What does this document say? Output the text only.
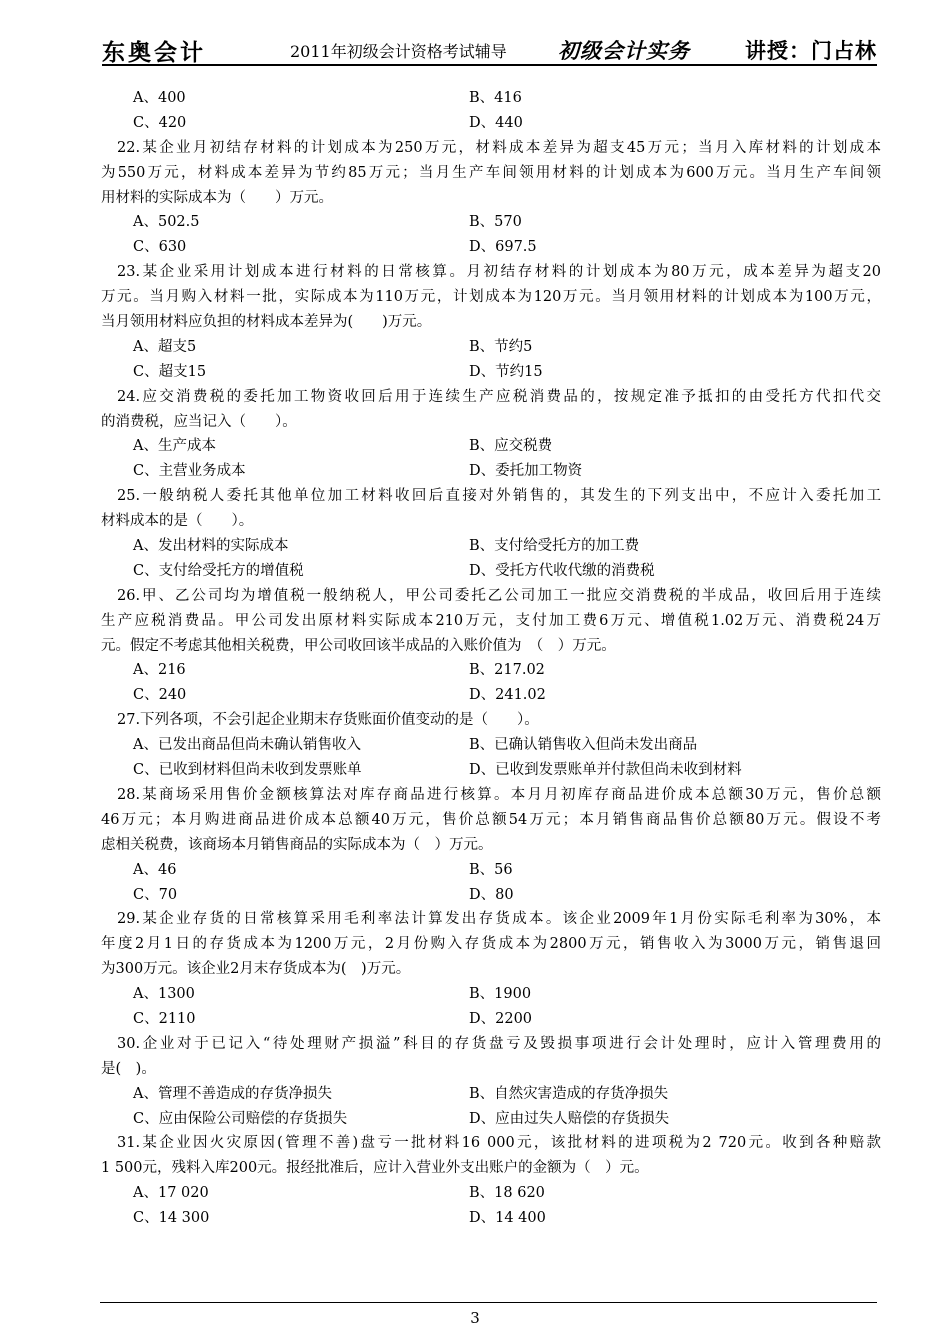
东奥会计	2011年初级会计资格考试辅导 初级会计实务	讲授：门占林
A、400	B、416
C、420	D、440
22.某企业月初结存材料的计划成本为250万元，材料成本差异为超支45万元；当月入库材料的计划成本
为550万元，材料成本差异为节约85万元；当月生产车间领用材料的计划成本为600万元。当月生产车间领
用材料的实际成本为（　　）万元。
A、502.5	B、570
C、630	D、697.5
23.某企业采用计划成本进行材料的日常核算。月初结存材料的计划成本为80万元，成本差异为超支20
万元。当月购入材料一批，实际成本为110万元，计划成本为120万元。当月领用材料的计划成本为100万元，
当月领用材料应负担的材料成本差异为(　　)万元。
A、超支5	B、节约5
C、超支15	D、节约15
24.应交消费税的委托加工物资收回后用于连续生产应税消费品的，按规定准予抵扣的由受托方代扣代交
的消费税，应当记入（　　）。
A、生产成本	B、应交税费
C、主营业务成本	D、委托加工物资
25.一般纳税人委托其他单位加工材料收回后直接对外销售的，其发生的下列支出中，不应计入委托加工
材料成本的是（　　）。
A、发出材料的实际成本	B、支付给受托方的加工费
C、支付给受托方的增值税	D、受托方代收代缴的消费税
26.甲、乙公司均为增值税一般纳税人，甲公司委托乙公司加工一批应交消费税的半成品，收回后用于连续
生产应税消费品。甲公司发出原材料实际成本210万元，支付加工费6万元、增值税1.02万元、消费税24万
元。假定不考虑其他相关税费，甲公司收回该半成品的入账价值为　（　）万元。
A、216	B、217.02
C、240	D、241.02
27.下列各项，不会引起企业期末存货账面价值变动的是（　　）。
A、已发出商品但尚未确认销售收入	B、已确认销售收入但尚未发出商品
C、已收到材料但尚未收到发票账单	D、已收到发票账单并付款但尚未收到材料
28.某商场采用售价金额核算法对库存商品进行核算。本月月初库存商品进价成本总额30万元，售价总额
46万元；本月购进商品进价成本总额40万元，售价总额54万元；本月销售商品售价总额80万元。假设不考
虑相关税费，该商场本月销售商品的实际成本为（　）万元。
A、46	B、56
C、70	D、80
29.某企业存货的日常核算采用毛利率法计算发出存货成本。该企业2009年1月份实际毛利率为30%，本
年度2月1日的存货成本为1200万元，2月份购入存货成本为2800万元，销售收入为3000万元，销售退回
为300万元。该企业2月末存货成本为(　)万元。
A、1300	B、1900
C、2110	D、2200
30.企业对于已记入“待处理财产损溢”科目的存货盘亏及毁损事项进行会计处理时，应计入管理费用的
是(　)。
A、管理不善造成的存货净损失	B、自然灾害造成的存货净损失
C、应由保险公司赔偿的存货损失	D、应由过失人赔偿的存货损失
31.某企业因火灾原因(管理不善)盘亏一批材料16 000元，该批材料的进项税为2 720元。收到各种赔款
1 500元，残料入库200元。报经批准后，应计入营业外支出账户的金额为（　）元。
A、17 020	B、18 620
C、14 300	D、14 400
3
